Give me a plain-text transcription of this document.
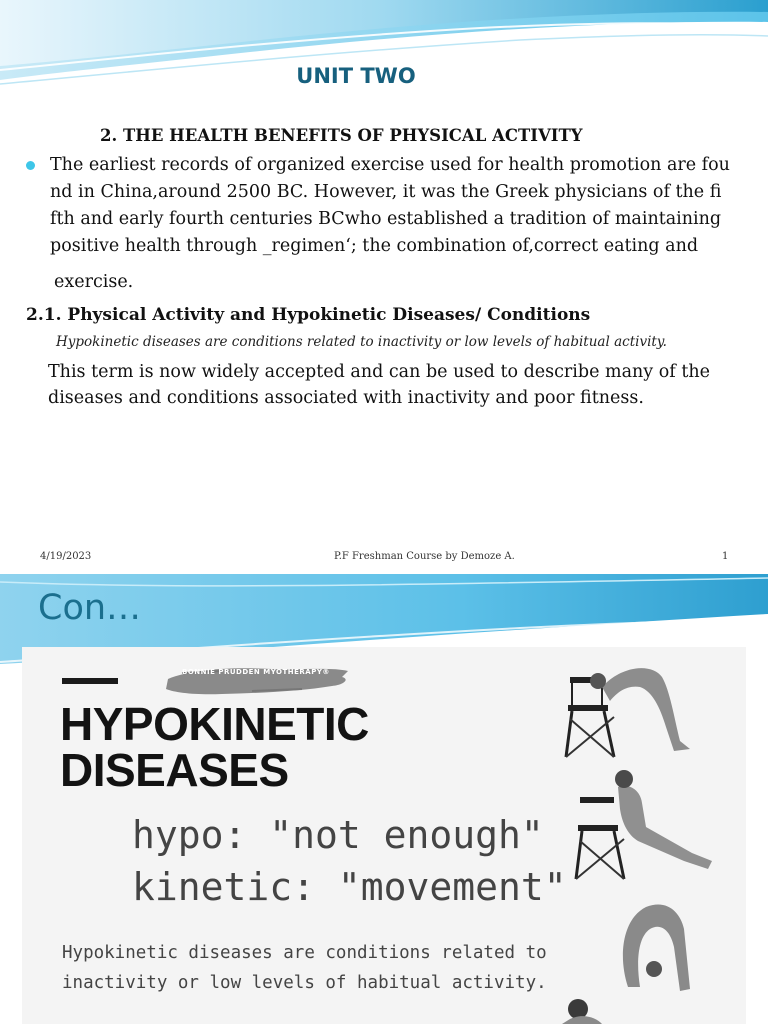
UNIT TWO
2. THE HEALTH BENEFITS OF PHYSICAL ACTIVITY
The earliest records of organized exercise used for health promotion are fou
nd in China,around 2500 BC. However, it was the Greek physicians of the fi
fth and early fourth centuries BCwho established a tradition of maintaining
positive health through _regimen‘; the combination of,correct eating and
exercise.
2.1. Physical Activity and Hypokinetic Diseases/ Conditions
Hypokinetic diseases are conditions related to inactivity or low levels of habitual activity.
This term is now widely accepted and can be used to describe many of the
diseases and conditions associated with inactivity and poor fitness.
4/19/2023	P.F Freshman Course by Demoze A.	1
Con…
BONNIE PRUDDEN MYOTHERAPY®
HYPOKINETIC
DISEASES
hypo: "not enough"
kinetic: "movement"
Hypokinetic diseases are conditions related to
inactivity or low levels of habitual activity.
